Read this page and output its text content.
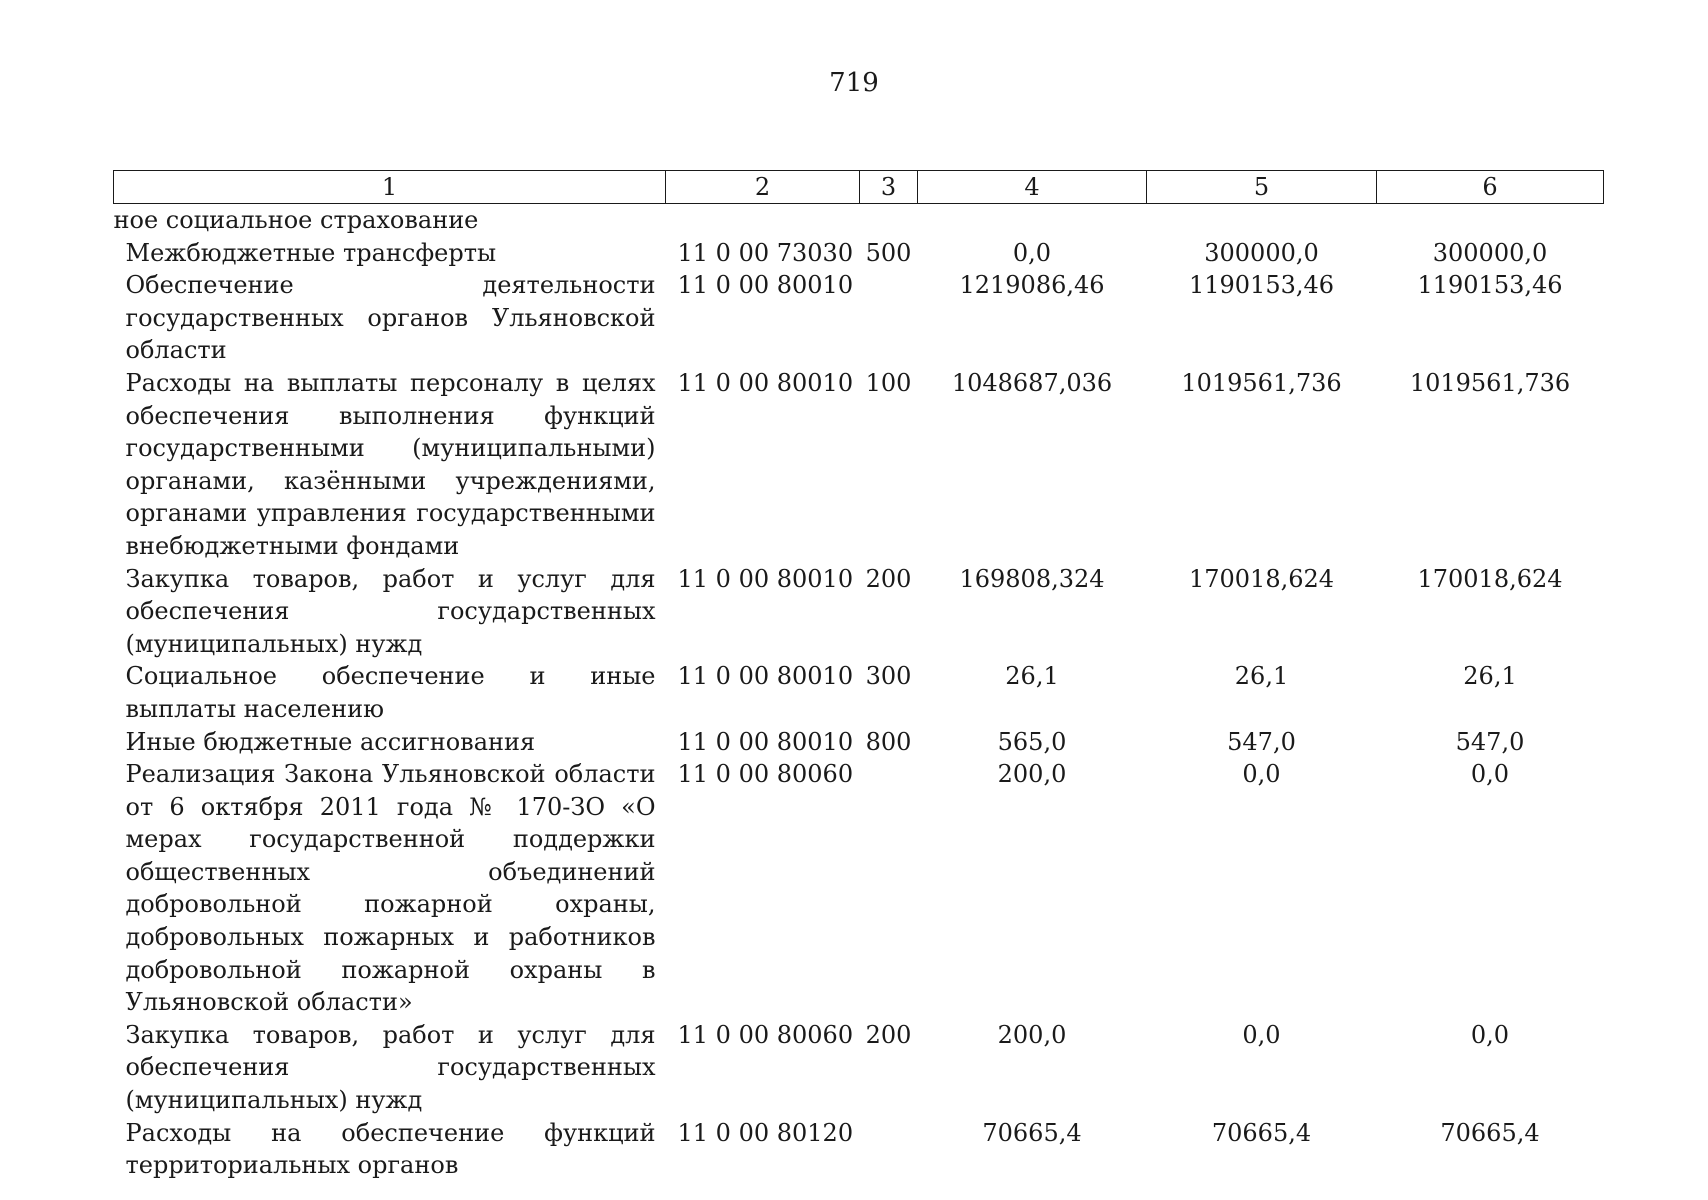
719
1	2	3	4	5	6
ное социальное страхование					
Межбюджетные трансферты	11 0 00 73030	500	0,0	300000,0	300000,0
Обеспечение деятельности государственных органов Ульяновской области	11 0 00 80010		1219086,46	1190153,46	1190153,46
Расходы на выплаты персоналу в целях обеспечения выполнения функций государственными (муниципальными) органами, казёнными учреждениями, органами управления государственными внебюджетными фондами	11 0 00 80010	100	1048687,036	1019561,736	1019561,736
Закупка товаров, работ и услуг для обеспечения государственных (муниципальных) нужд	11 0 00 80010	200	169808,324	170018,624	170018,624
Социальное обеспечение и иные выплаты населению	11 0 00 80010	300	26,1	26,1	26,1
Иные бюджетные ассигнования	11 0 00 80010	800	565,0	547,0	547,0
Реализация Закона Ульяновской области от 6 октября 2011 года № 170-ЗО «О мерах государственной поддержки общественных объединений добровольной пожарной охраны, добровольных пожарных и работников добровольной пожарной охраны в Ульяновской области»	11 0 00 80060		200,0	0,0	0,0
Закупка товаров, работ и услуг для обеспечения государственных (муниципальных) нужд	11 0 00 80060	200	200,0	0,0	0,0
Расходы на обеспечение функций территориальных органов	11 0 00 80120		70665,4	70665,4	70665,4
